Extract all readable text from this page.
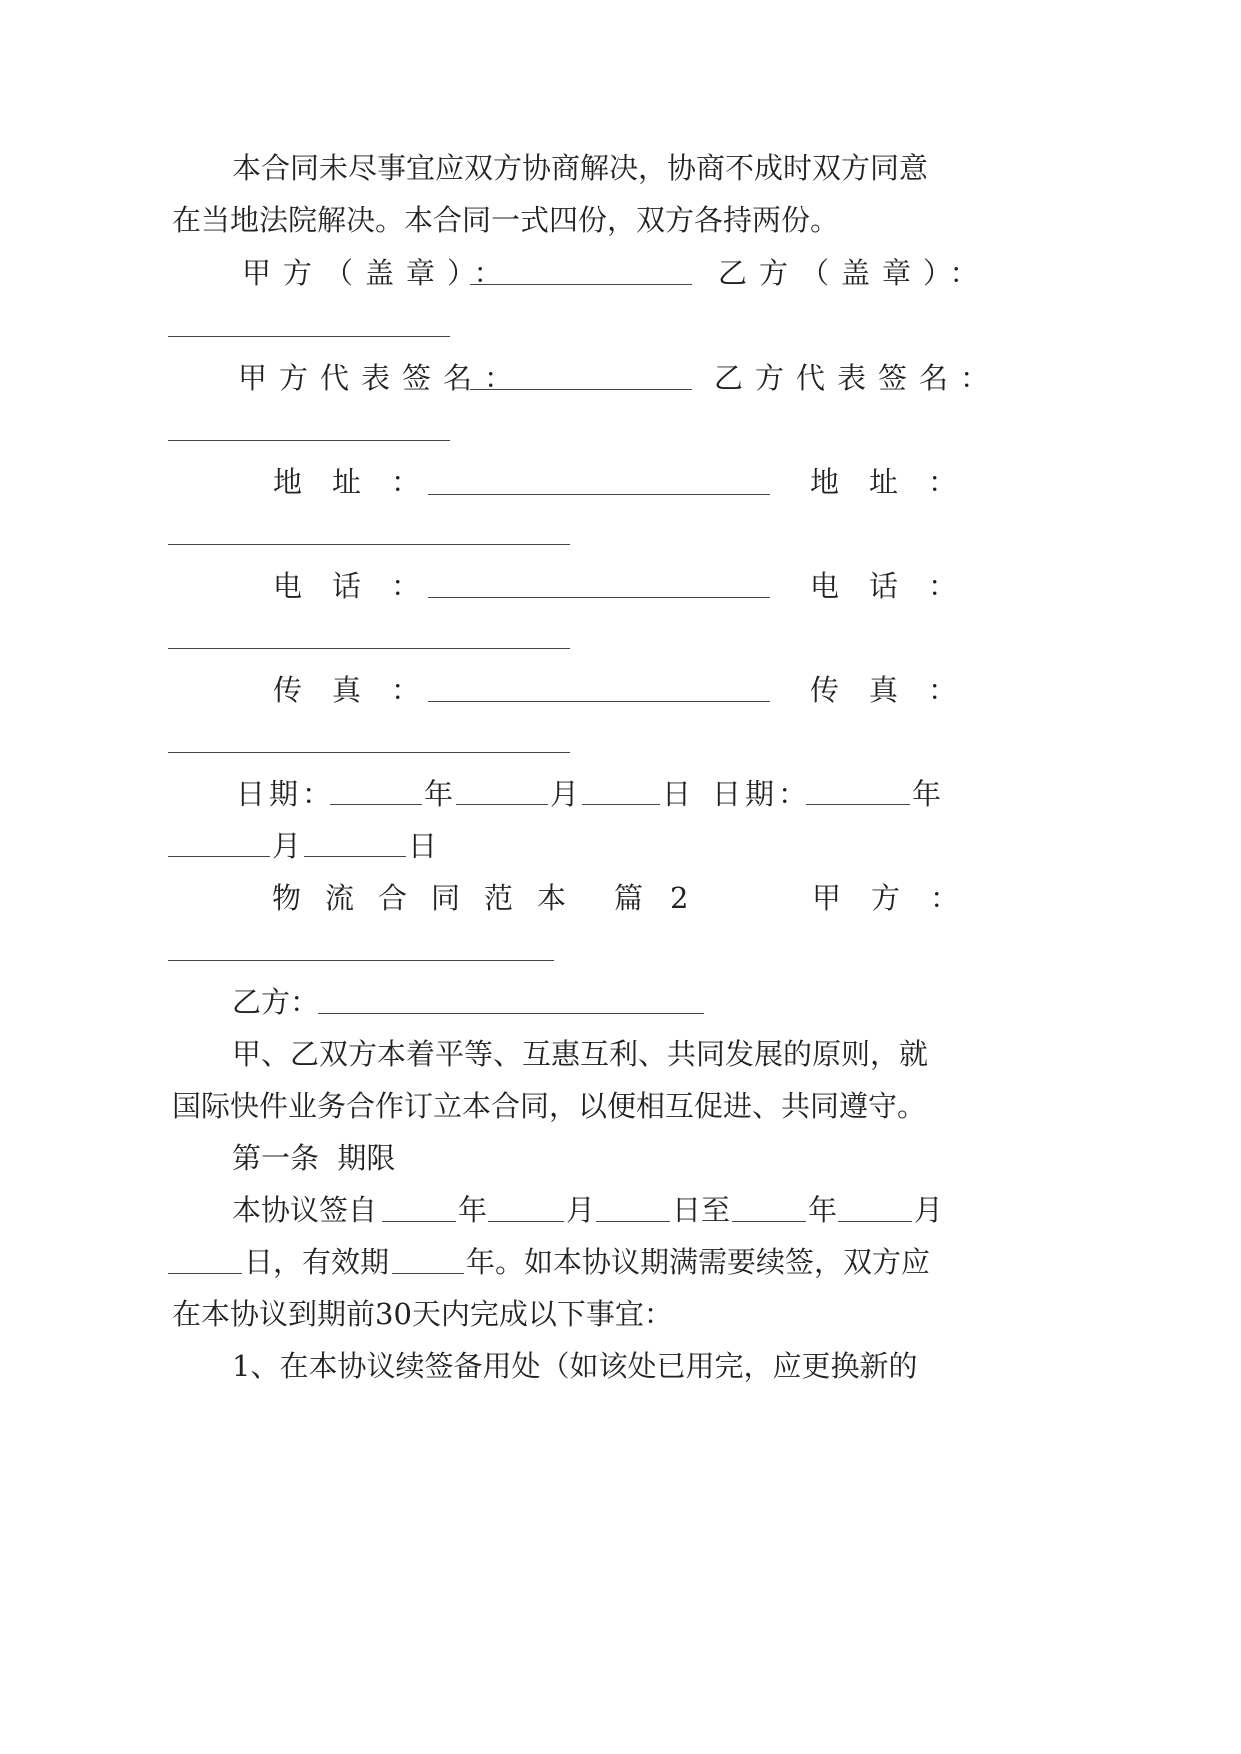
本合同未尽事宜应双方协商解决，协商不成时双方同意
在当地法院解决。本合同一式四份，双方各持两份。
甲方（盖章）：	乙方（盖章）：
甲方代表签名：	乙方代表签名：
地址：	地址：
电话：	电话：
传真：	传真：
日期：	年	月	日 日期：	年
月	日
物流合同范本 篇 2	甲方：
乙方：
甲、乙双方本着平等、互惠互利、共同发展的原则，就
国际快件业务合作订立本合同，以便相互促进、共同遵守。
第一条  期限
本协议签自	年	月	日至	年	月
日，有效期	年。如本协议期满需要续签，双方应
在本协议到期前30天内完成以下事宜：
1、在本协议续签备用处（如该处已用完，应更换新的
